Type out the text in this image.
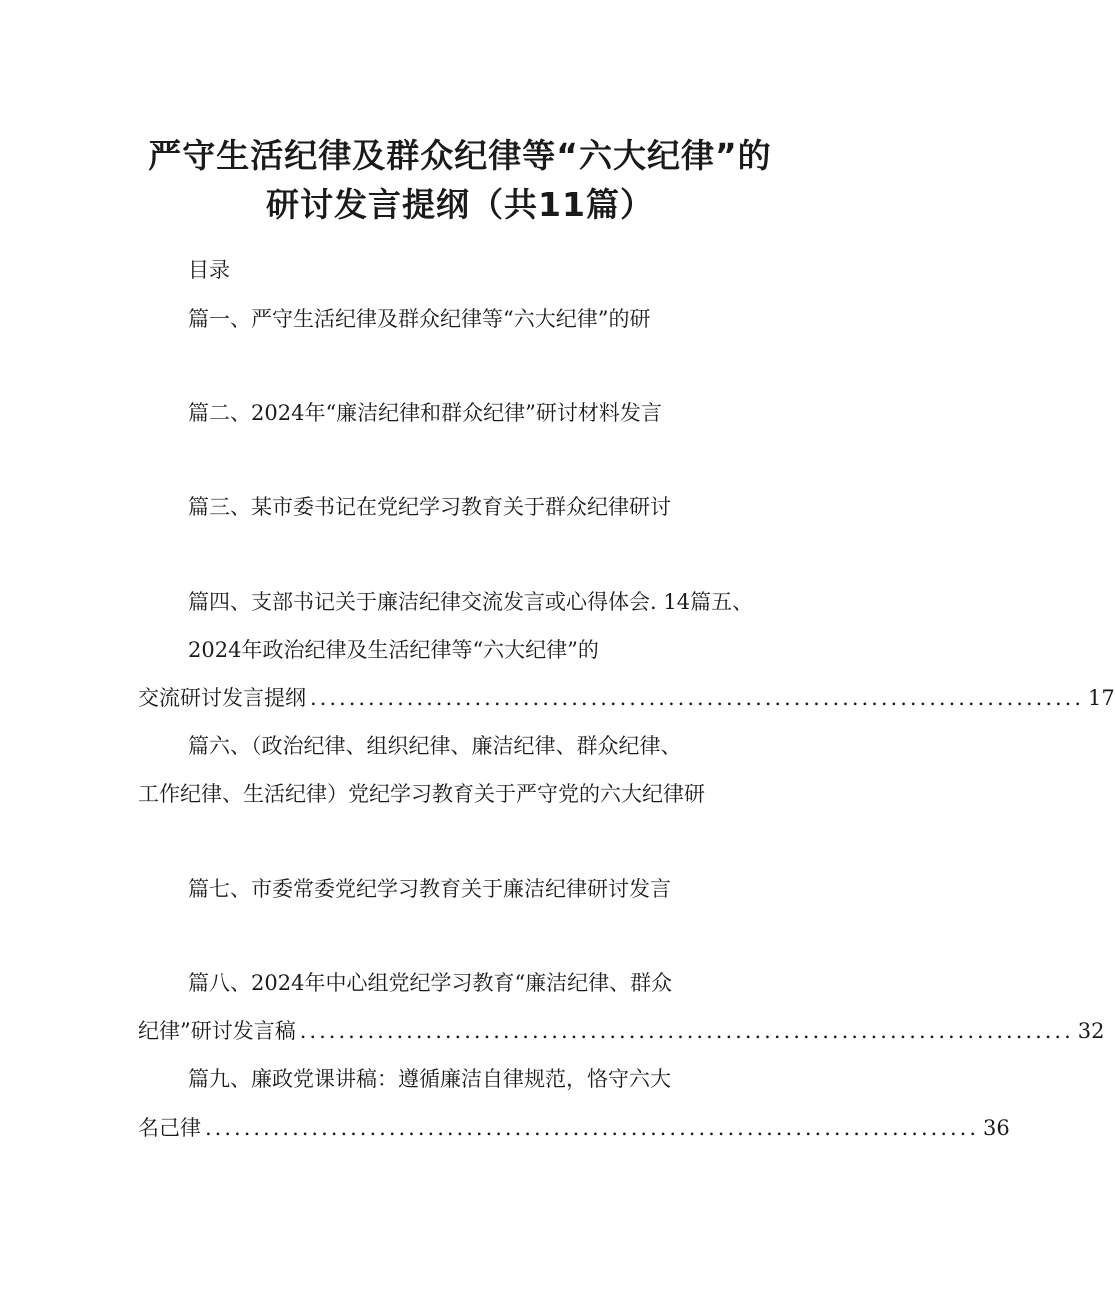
严守生活纪律及群众纪律等“六大纪律”的
研讨发言提纲（共11篇）
目录
篇一、严守生活纪律及群众纪律等“六大纪律”的研
篇二、2024年“廉洁纪律和群众纪律”研讨材料发言
篇三、某市委书记在党纪学习教育关于群众纪律研讨
篇四、支部书记关于廉洁纪律交流发言或心得体会. 14篇五、
2024年政治纪律及生活纪律等“六大纪律”的
交流研讨发言提纲 ................................................................................ 17
篇六、（政治纪律、组织纪律、廉洁纪律、群众纪律、
工作纪律、生活纪律）党纪学习教育关于严守党的六大纪律研
篇七、市委常委党纪学习教育关于廉洁纪律研讨发言
篇八、2024年中心组党纪学习教育“廉洁纪律、群众
纪律”研讨发言稿 ................................................................................ 32
篇九、廉政党课讲稿：遵循廉洁自律规范，恪守六大
名己律 ................................................................................ 36
